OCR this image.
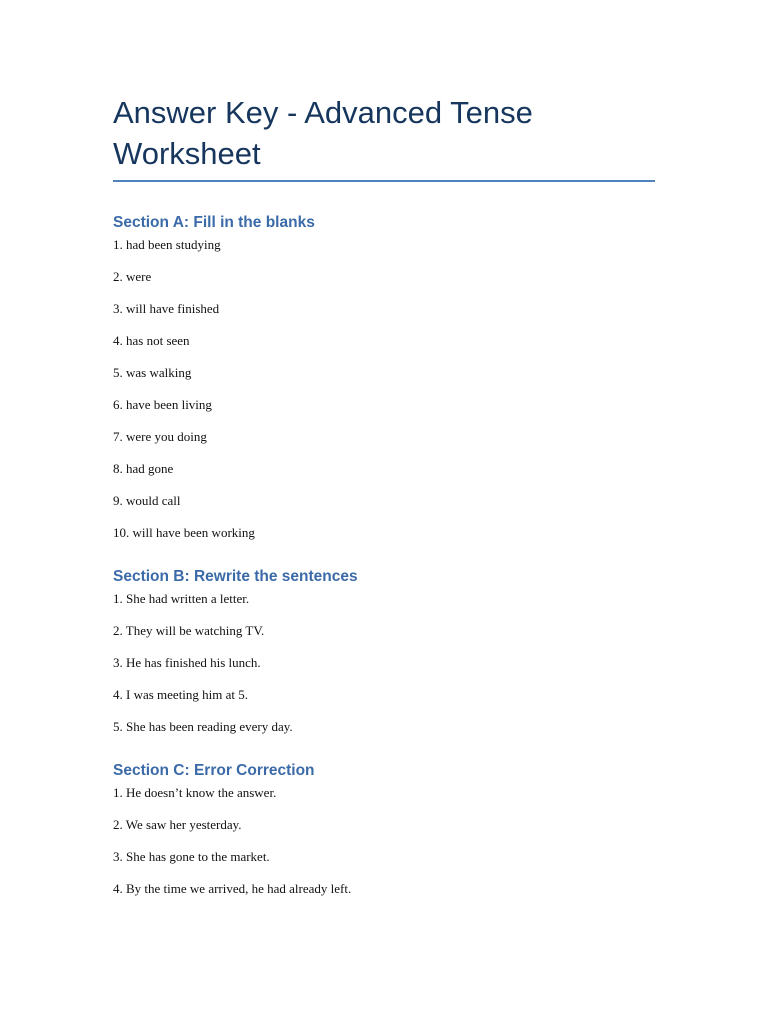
Answer Key - Advanced Tense Worksheet
Section A: Fill in the blanks

1. had been studying

2. were

3. will have finished

4. has not seen

5. was walking

6. have been living

7. were you doing

8. had gone

9. would call

10. will have been working

Section B: Rewrite the sentences

1. She had written a letter.

2. They will be watching TV.

3. He has finished his lunch.

4. I was meeting him at 5.

5. She has been reading every day.

Section C: Error Correction

1. He doesn’t know the answer.

2. We saw her yesterday.

3. She has gone to the market.

4. By the time we arrived, he had already left.
